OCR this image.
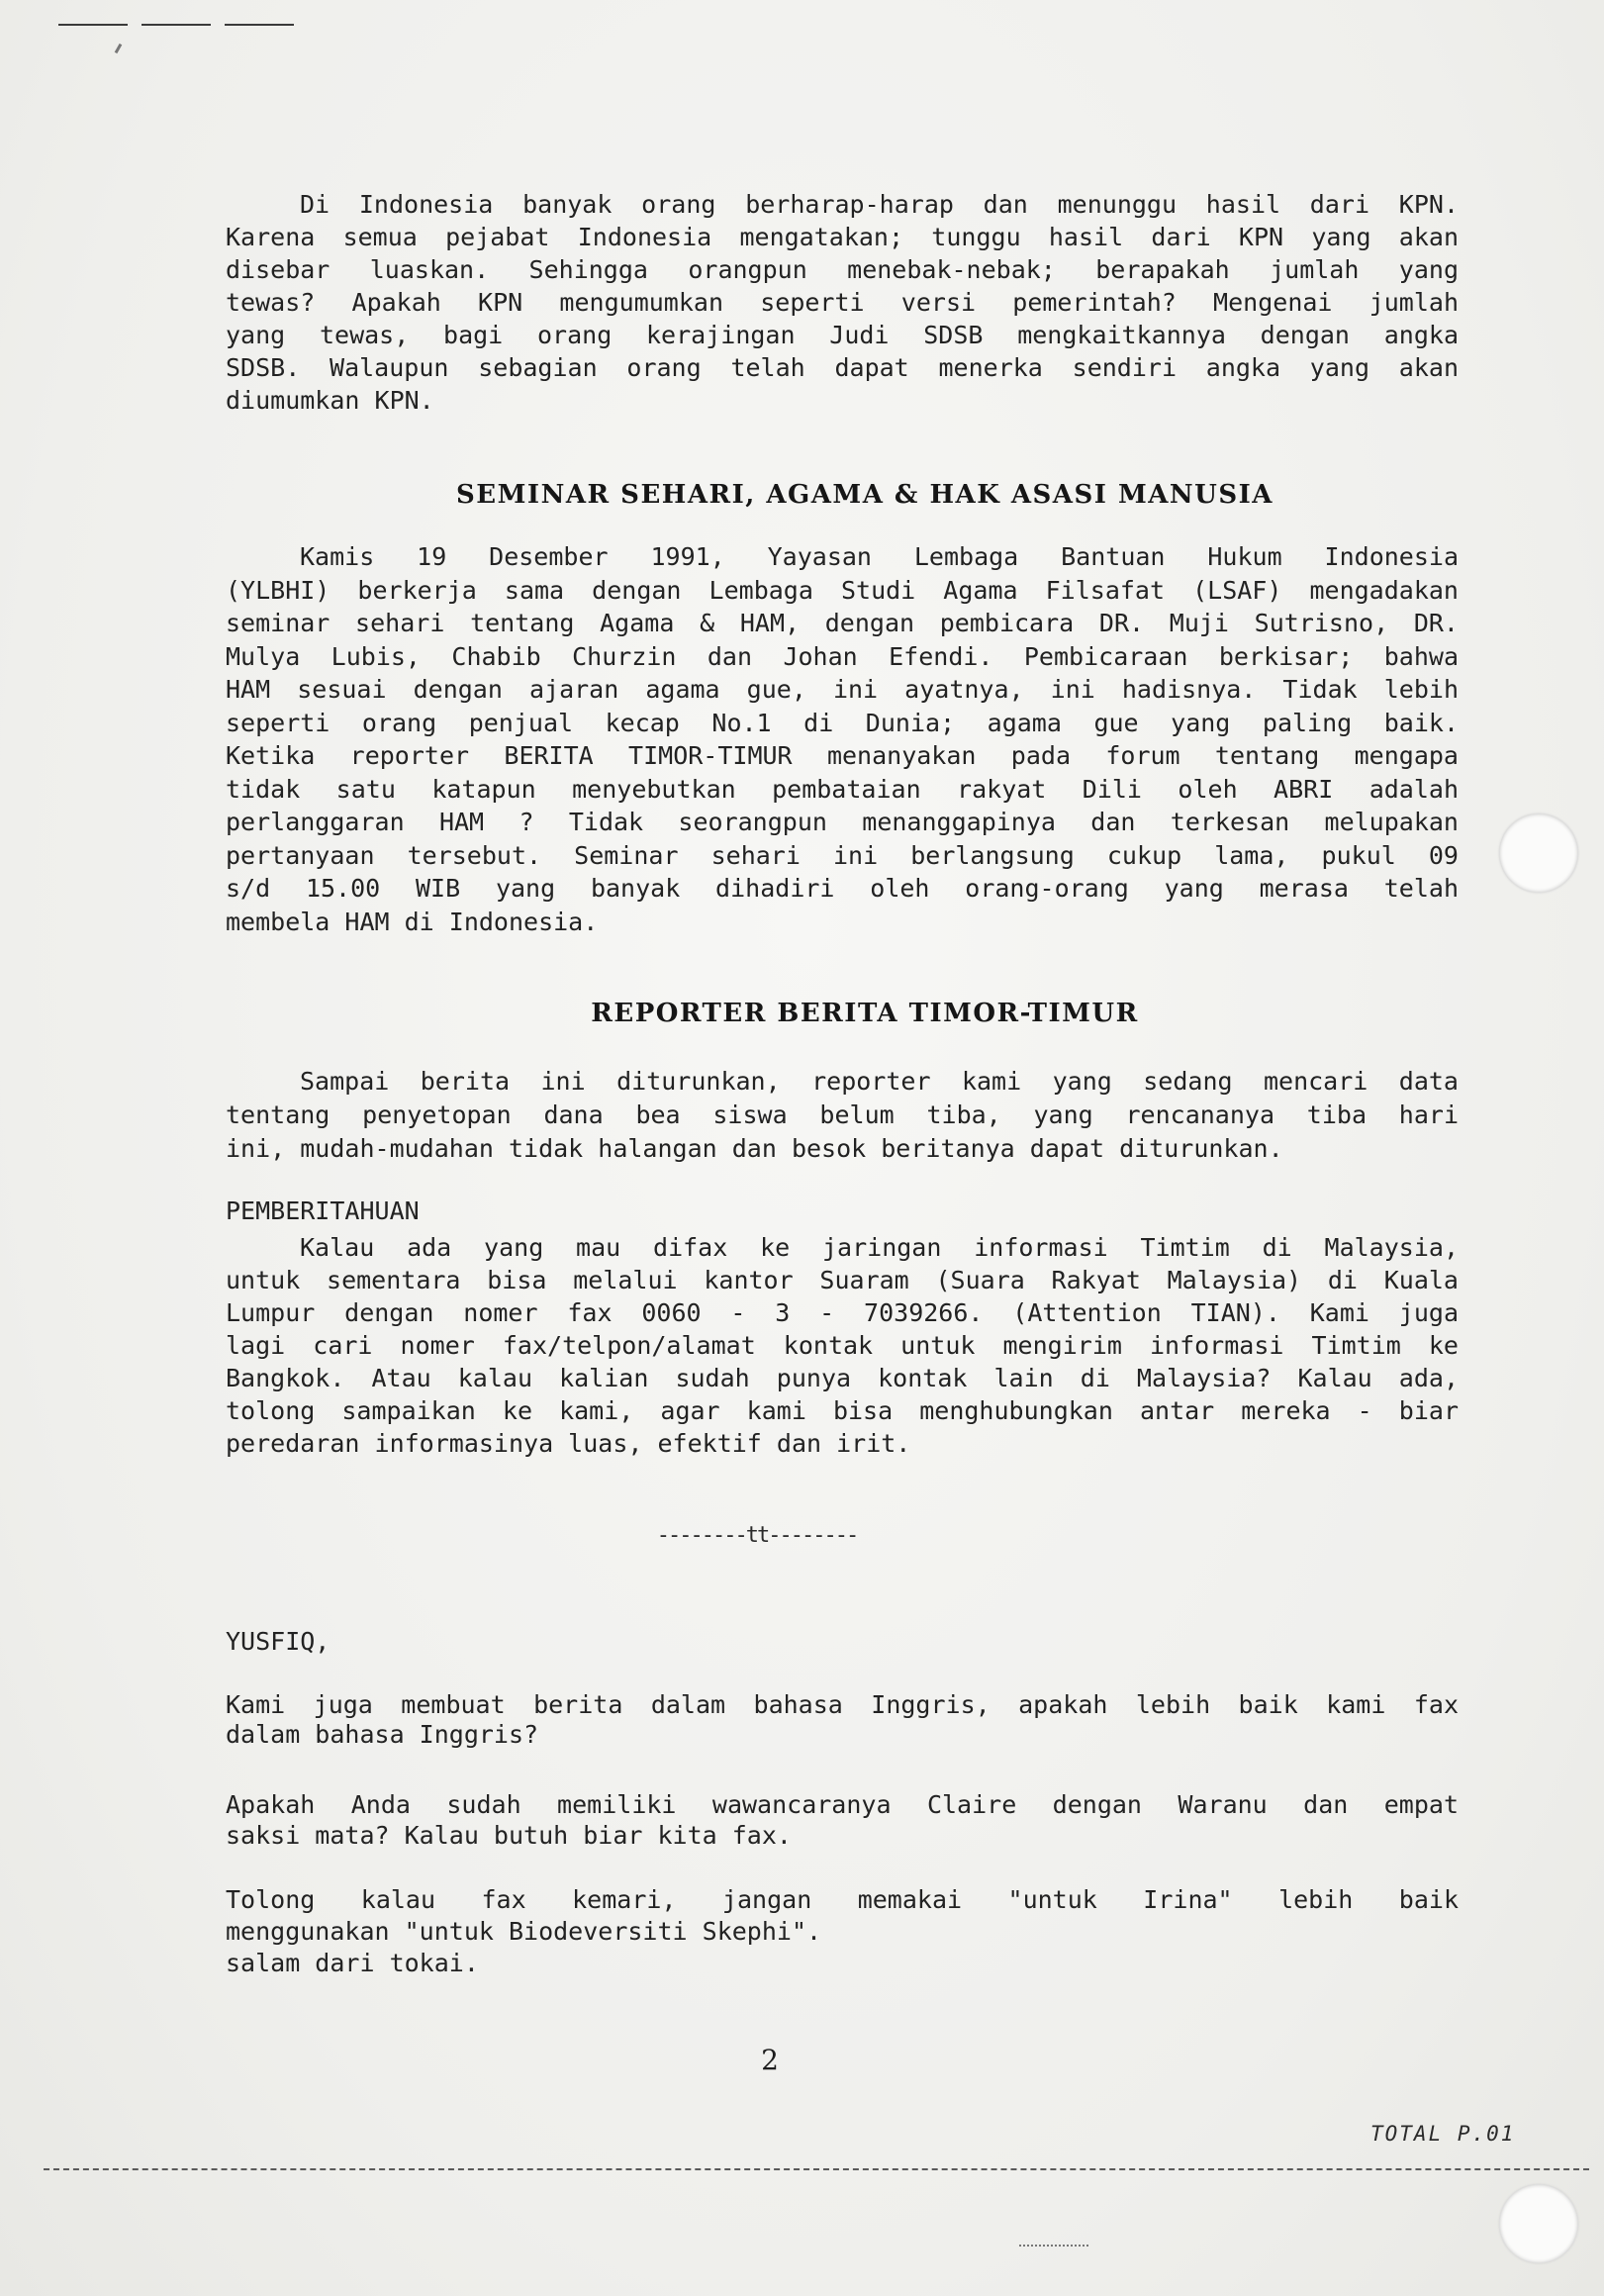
Di Indonesia banyak orang berharap-harap dan menunggu hasil dari KPN.
Karena semua pejabat Indonesia mengatakan; tunggu hasil dari KPN yang akan
disebar luaskan. Sehingga orangpun menebak-nebak; berapakah jumlah yang
tewas? Apakah KPN mengumumkan seperti versi pemerintah? Mengenai jumlah
yang tewas, bagi orang kerajingan Judi SDSB mengkaitkannya dengan angka
SDSB. Walaupun sebagian orang telah dapat menerka sendiri angka yang akan
diumumkan KPN.
SEMINAR SEHARI, AGAMA & HAK ASASI MANUSIA
Kamis 19 Desember 1991, Yayasan Lembaga Bantuan Hukum Indonesia
(YLBHI) berkerja sama dengan Lembaga Studi Agama Filsafat (LSAF) mengadakan
seminar sehari tentang Agama & HAM, dengan pembicara DR. Muji Sutrisno, DR.
Mulya Lubis, Chabib Churzin dan Johan Efendi. Pembicaraan berkisar; bahwa
HAM sesuai dengan ajaran agama gue, ini ayatnya, ini hadisnya. Tidak lebih
seperti orang penjual kecap No.1 di Dunia; agama gue yang paling baik.
Ketika reporter BERITA TIMOR-TIMUR menanyakan pada forum tentang mengapa
tidak satu katapun menyebutkan pembataian rakyat Dili oleh ABRI adalah
perlanggaran HAM ? Tidak seorangpun menanggapinya dan terkesan melupakan
pertanyaan tersebut. Seminar sehari ini berlangsung cukup lama, pukul 09
s/d 15.00 WIB yang banyak dihadiri oleh orang-orang yang merasa telah
membela HAM di Indonesia.
REPORTER BERITA TIMOR-TIMUR
Sampai berita ini diturunkan, reporter kami yang sedang mencari data
tentang penyetopan dana bea siswa belum tiba, yang rencananya tiba hari
ini, mudah-mudahan tidak halangan dan besok beritanya dapat diturunkan.
PEMBERITAHUAN
Kalau ada yang mau difax ke jaringan informasi Timtim di Malaysia,
untuk sementara bisa melalui kantor Suaram (Suara Rakyat Malaysia) di Kuala
Lumpur dengan nomer fax 0060 - 3 - 7039266. (Attention TIAN). Kami juga
lagi cari nomer fax/telpon/alamat kontak untuk mengirim informasi Timtim ke
Bangkok. Atau kalau kalian sudah punya kontak lain di Malaysia? Kalau ada,
tolong sampaikan ke kami, agar kami bisa menghubungkan antar mereka - biar
peredaran informasinya luas, efektif dan irit.
--------tt--------
YUSFIQ,
Kami juga membuat berita dalam bahasa Inggris, apakah lebih baik kami fax
dalam bahasa Inggris?
Apakah Anda sudah memiliki wawancaranya Claire dengan Waranu dan empat
saksi mata? Kalau butuh biar kita fax.
Tolong kalau fax kemari, jangan memakai "untuk Irina" lebih baik
menggunakan "untuk Biodeversiti Skephi".
salam dari tokai.
2
TOTAL P.01
